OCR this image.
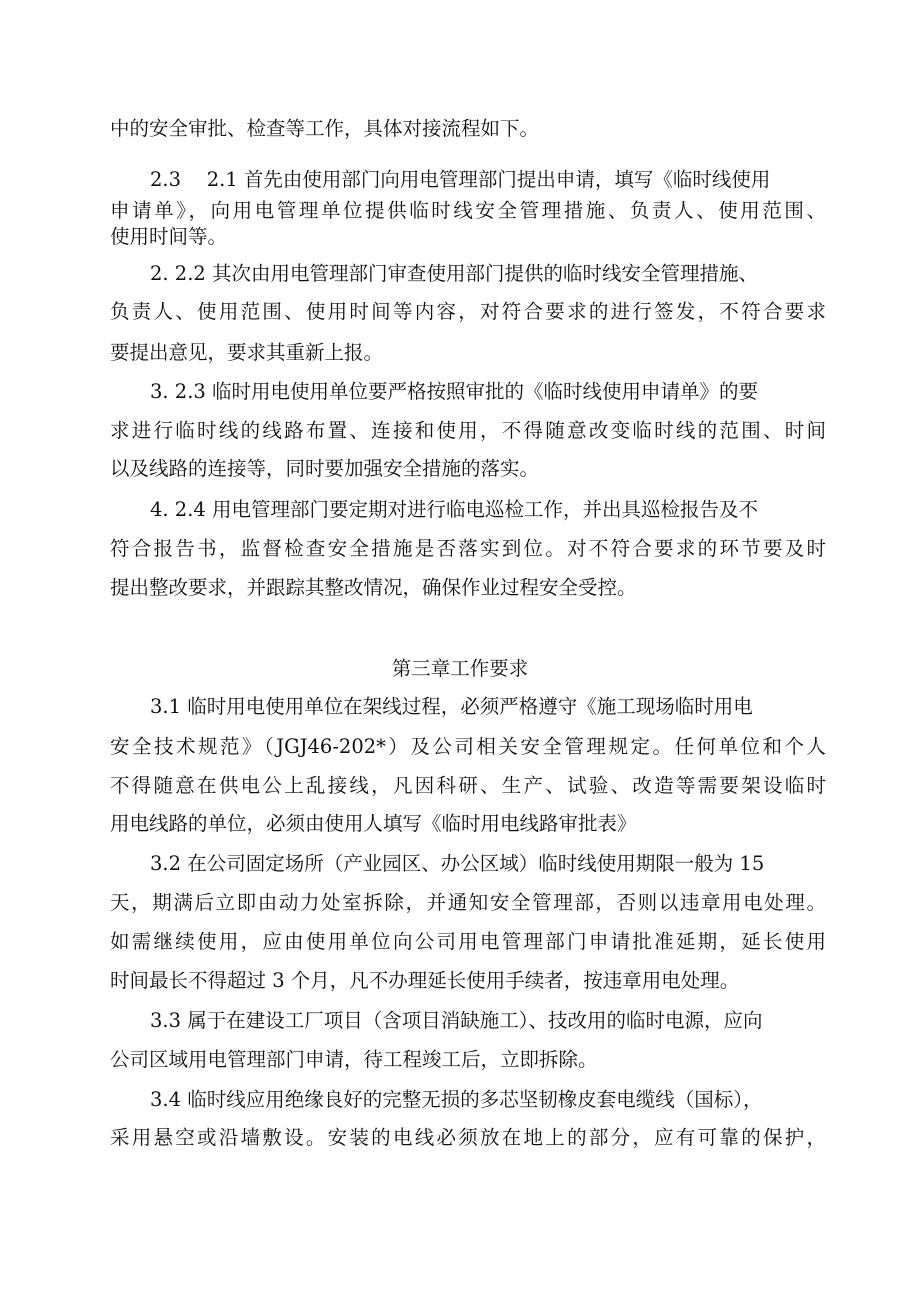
中的安全审批、检查等工作，具体对接流程如下。
2.3　 2.1 首先由使用部门向用电管理部门提出申请，填写《临时线使用
申请单》，向用电管理单位提供临时线安全管理措施、负责人、使用范围、
使用时间等。
2. 2.2 其次由用电管理部门审查使用部门提供的临时线安全管理措施、
负责人、使用范围、使用时间等内容，对符合要求的进行签发，不符合要求
要提出意见，要求其重新上报。
3. 2.3 临时用电使用单位要严格按照审批的《临时线使用申请单》的要
求进行临时线的线路布置、连接和使用，不得随意改变临时线的范围、时间
以及线路的连接等，同时要加强安全措施的落实。
4. 2.4 用电管理部门要定期对进行临电巡检工作，并出具巡检报告及不
符合报告书，监督检查安全措施是否落实到位。对不符合要求的环节要及时
提出整改要求，并跟踪其整改情况，确保作业过程安全受控。
第三章工作要求
3.1 临时用电使用单位在架线过程，必须严格遵守《施工现场临时用电
安全技术规范》（JGJ46-202*）及公司相关安全管理规定。任何单位和个人
不得随意在供电公上乱接线，凡因科研、生产、试验、改造等需要架设临时
用电线路的单位，必须由使用人填写《临时用电线路审批表》
3.2 在公司固定场所（产业园区、办公区域）临时线使用期限一般为 15
天，期满后立即由动力处室拆除，并通知安全管理部，否则以违章用电处理。
如需继续使用，应由使用单位向公司用电管理部门申请批准延期，延长使用
时间最长不得超过 3 个月，凡不办理延长使用手续者，按违章用电处理。
3.3 属于在建设工厂项目（含项目消缺施工）、技改用的临时电源，应向
公司区域用电管理部门申请，待工程竣工后，立即拆除。
3.4 临时线应用绝缘良好的完整无损的多芯坚韧橡皮套电缆线（国标），
采用悬空或沿墙敷设。安装的电线必须放在地上的部分，应有可靠的保护，
